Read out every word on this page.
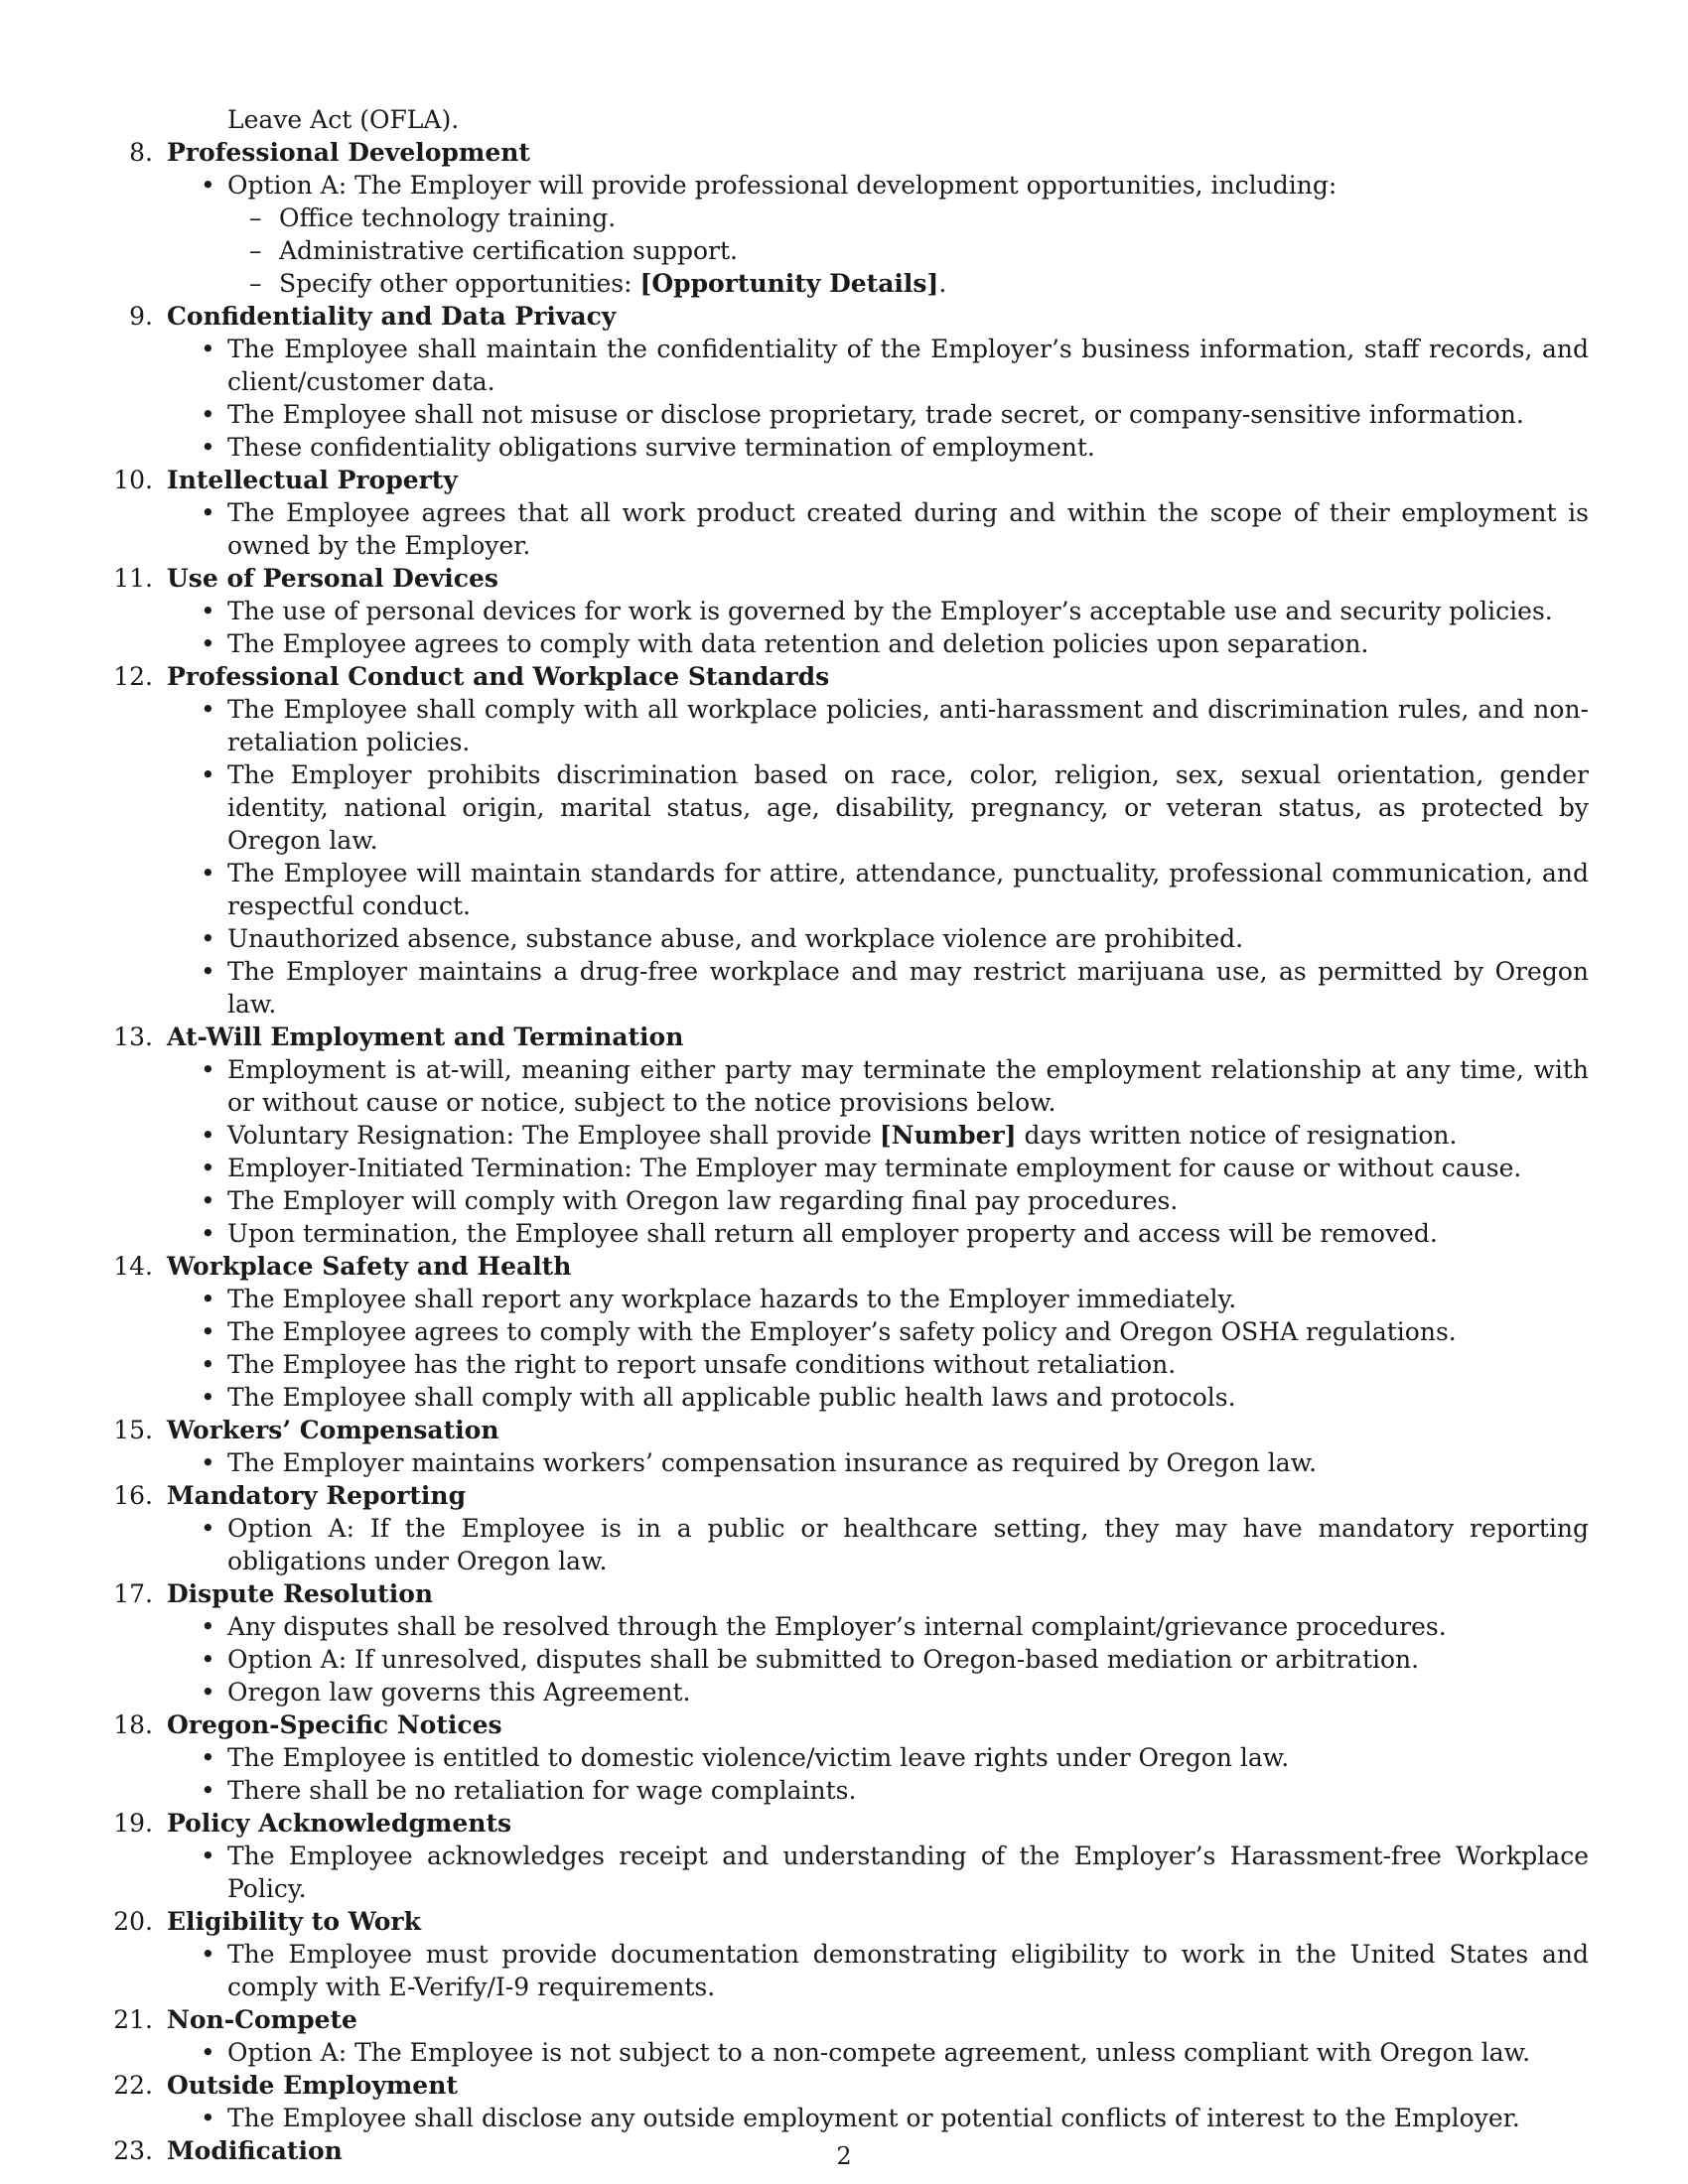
Leave Act (OFLA).
8. Professional Development
• Option A: The Employer will provide professional development opportunities, including:
– Office technology training.
– Administrative certification support.
– Specify other opportunities: [Opportunity Details].
9. Confidentiality and Data Privacy
• The Employee shall maintain the confidentiality of the Employer’s business information, staff records, and client/customer data.
• The Employee shall not misuse or disclose proprietary, trade secret, or company-sensitive information.
• These confidentiality obligations survive termination of employment.
10. Intellectual Property
• The Employee agrees that all work product created during and within the scope of their employment is owned by the Employer.
11. Use of Personal Devices
• The use of personal devices for work is governed by the Employer’s acceptable use and security policies.
• The Employee agrees to comply with data retention and deletion policies upon separation.
12. Professional Conduct and Workplace Standards
• The Employee shall comply with all workplace policies, anti-harassment and discrimination rules, and non-retaliation policies.
• The Employer prohibits discrimination based on race, color, religion, sex, sexual orientation, gender identity, national origin, marital status, age, disability, pregnancy, or veteran status, as protected by Oregon law.
• The Employee will maintain standards for attire, attendance, punctuality, professional communication, and respectful conduct.
• Unauthorized absence, substance abuse, and workplace violence are prohibited.
• The Employer maintains a drug-free workplace and may restrict marijuana use, as permitted by Oregon law.
13. At-Will Employment and Termination
• Employment is at-will, meaning either party may terminate the employment relationship at any time, with or without cause or notice, subject to the notice provisions below.
• Voluntary Resignation: The Employee shall provide [Number] days written notice of resignation.
• Employer-Initiated Termination: The Employer may terminate employment for cause or without cause.
• The Employer will comply with Oregon law regarding final pay procedures.
• Upon termination, the Employee shall return all employer property and access will be removed.
14. Workplace Safety and Health
• The Employee shall report any workplace hazards to the Employer immediately.
• The Employee agrees to comply with the Employer’s safety policy and Oregon OSHA regulations.
• The Employee has the right to report unsafe conditions without retaliation.
• The Employee shall comply with all applicable public health laws and protocols.
15. Workers’ Compensation
• The Employer maintains workers’ compensation insurance as required by Oregon law.
16. Mandatory Reporting
• Option A: If the Employee is in a public or healthcare setting, they may have mandatory reporting obligations under Oregon law.
17. Dispute Resolution
• Any disputes shall be resolved through the Employer’s internal complaint/grievance procedures.
• Option A: If unresolved, disputes shall be submitted to Oregon-based mediation or arbitration.
• Oregon law governs this Agreement.
18. Oregon-Specific Notices
• The Employee is entitled to domestic violence/victim leave rights under Oregon law.
• There shall be no retaliation for wage complaints.
19. Policy Acknowledgments
• The Employee acknowledges receipt and understanding of the Employer’s Harassment-free Workplace Policy.
20. Eligibility to Work
• The Employee must provide documentation demonstrating eligibility to work in the United States and comply with E-Verify/I-9 requirements.
21. Non-Compete
• Option A: The Employee is not subject to a non-compete agreement, unless compliant with Oregon law.
22. Outside Employment
• The Employee shall disclose any outside employment or potential conflicts of interest to the Employer.
23. Modification	2
